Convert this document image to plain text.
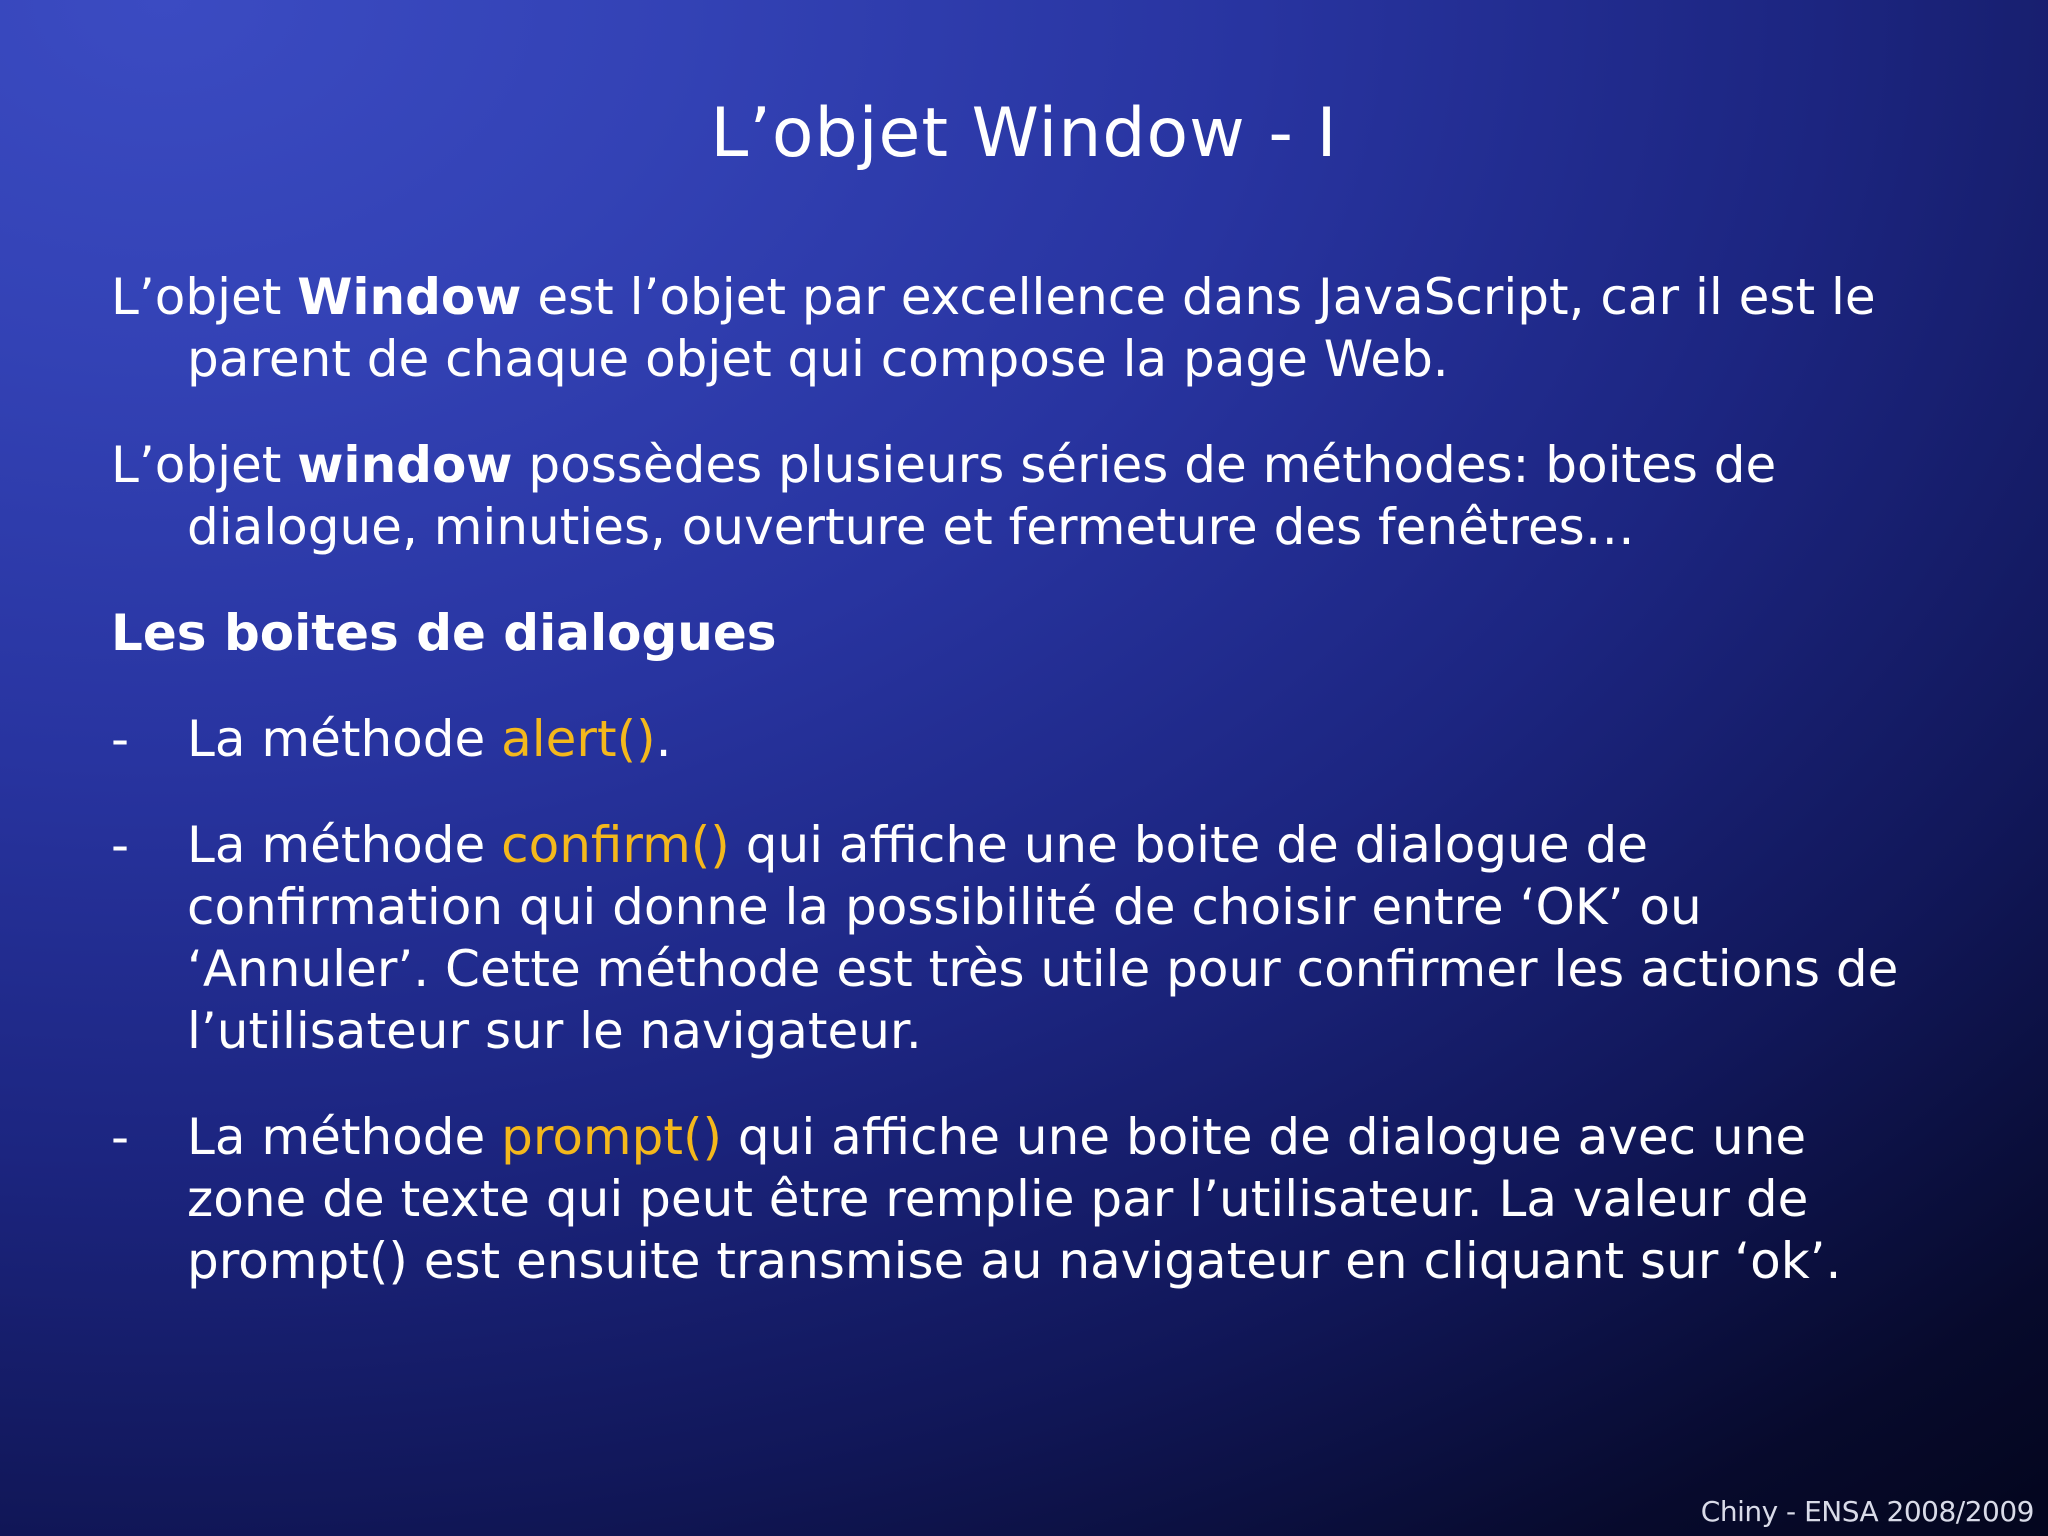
L’objet Window - I

L’objet Window est l’objet par excellence dans JavaScript, car il est le parent de chaque objet qui compose la page Web.

L’objet window possèdes plusieurs séries de méthodes: boites de dialogue, minuties, ouverture et fermeture des fenêtres…

Les boites de dialogues
-	La méthode alert().
-	La méthode confirm() qui affiche une boite de dialogue de confirmation qui donne la possibilité de choisir entre ‘OK’ ou ‘Annuler’. Cette méthode est très utile pour confirmer les actions de l’utilisateur sur le navigateur.
-	La méthode prompt() qui affiche une boite de dialogue avec une zone de texte qui peut être remplie par l’utilisateur. La valeur de prompt() est ensuite transmise au navigateur en cliquant sur ‘ok’.
Chiny - ENSA 2008/2009
